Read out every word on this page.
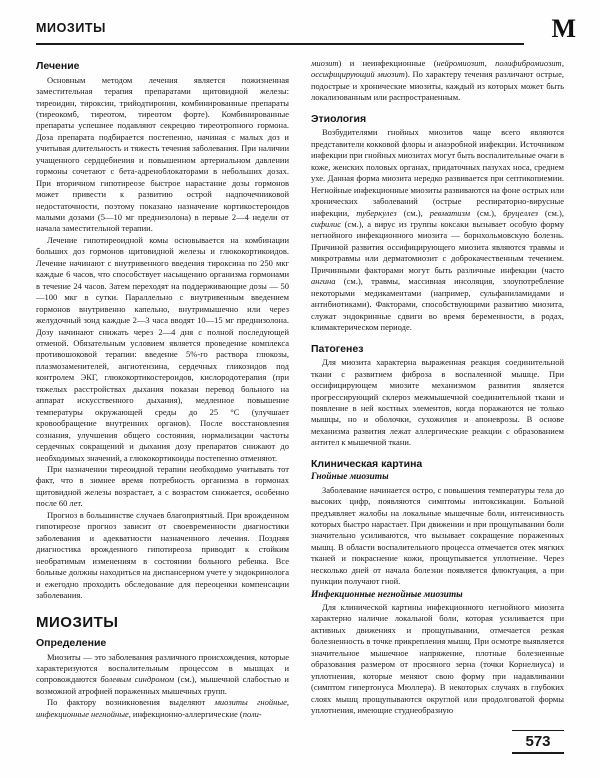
МИОЗИТЫ	М
Лечение

Основным методом лечения является пожизненная заместительная терапия препаратами щитовидной железы: тиреоидин, тироксин, трийодтиронин, комбинированные препараты (тиреокомб, тиреотом, тиреотом форте). Комбинированные препараты успешнее подавляют секрецию тиреотропного гормона. Доза препарата подбирается постепенно, начиная с малых доз и учитывая длительность и тяжесть течения заболевания. При наличии учащенного сердцебиения и повышенном артериальном давлении гормоны сочетают с бета-адреноблокаторами в небольших дозах. При вторичном гипотиреозе быстрое нарастание дозы гормонов может привести к развитию острой надпочечниковой недостаточности, поэтому показано назначение кортикостероидов малыми дозами (5—10 мг преднизолона) в первые 2—4 недели от начала заместительной терапии.

Лечение гипотиреоидной комы основывается на комбинации больших доз гормонов щитовидной железы и глюкокортикоидов. Лечение начинают с внутривенного введения тироксина по 250 мкг каждые 6 часов, что способствует насыщению организма гормонами в течение 24 часов. Затем переходят на поддерживающие дозы — 50—100 мкг в сутки. Параллельно с внутривенным введением гормонов внутривенно капельно, внутримышечно или через желудочный зонд каждые 2—3 часа вводят 10—15 мг преднизолона. Дозу начинают снижать через 2—4 дня с полной последующей отменой. Обязательным условием является проведение комплекса противошоковой терапии: введение 5%-го раствора глюкозы, плазмозаменителей, ангиотензина, сердечных гликозидов под контролем ЭКГ, глюкокортикостероидов, кислородотерапия (при тяжелых расстройствах дыхания показан перевод больного на аппарат искусственного дыхания), медленное повышение температуры окружающей среды до 25 °С (улучшает кровообращение внутренних органов). После восстановления сознания, улучшения общего состояния, нормализации частоты сердечных сокращений и дыхания дозу препаратов снижают до необходимых значений, а глюкокортикоиды постепенно отменяют.

При назначении тиреоидной терапии необходимо учитывать тот факт, что в зимнее время потребность организма в гормонах щитовидной железы возрастает, а с возрастом снижается, особенно после 60 лет.

Прогноз в большинстве случаев благоприятный. При врожденном гипотиреозе прогноз зависит от своевременности диагностики заболевания и адекватности назначенного лечения. Поздняя диагностика врожденного гипотиреоза приводит к стойким необратимым изменениям в состоянии больного ребенка. Все больные должны находиться на диспансерном учете у эндокринолога и ежегодно проходить обследование для переоценки компенсации заболевания.

МИОЗИТЫ
Определение

Миозиты — это заболевания различного происхождения, которые характеризуются воспалительным процессом в мышцах и сопровождаются болевым синдромом (см.), мышечной слабостью и возможной атрофией пораженных мышечных групп.

По фактору возникновения выделяют миозиты гнойные, инфекционные негнойные, инфекционно-аллергические (поли-

миозит) и неинфекционные (нейромиозит, полифибромиозит, оссифицирующий миозит). По характеру течения различают острые, подострые и хронические миозиты, каждый из которых может быть локализованным или распространенным.

Этиология

Возбудителями гнойных миозитов чаще всего являются представители кокковой флоры и анаэробной инфекции. Источником инфекции при гнойных миозитах могут быть воспалительные очаги в коже, женских половых органах, придаточных пазухах носа, среднем ухе. Данная форма миозита нередко развивается при септикопиемии. Негнойные инфекционные миозиты развиваются на фоне острых или хронических заболеваний (острые респираторно-вирусные инфекции, туберкулез (см.), ревматизм (см.), бруцеллез (см.), сифилис (см.), а вирус из группы коксаки вызывает особую форму негнойного инфекционного миозита — борнхольмовскую болезнь. Причиной развития оссифицирующего миозита являются травмы и микротравмы или дерматомиозит с доброкачественным течением. Причинными факторами могут быть различные инфекции (часто ангина (см.), травмы, массивная инсоляция, злоупотребление некоторыми медикаментами (например, сульфаниламидами и антибиотиками). Факторами, способствующими развитию миозита, служат эндокринные сдвиги во время беременности, в родах, климактерическом периоде.

Патогенез

Для миозита характерна выраженная реакция соединительной ткани с развитием фиброза в воспаленной мышце. При оссифицирующем миозите механизмом развития является прогрессирующий склероз межмышечной соединительной ткани и появление в ней костных элементов, когда поражаются не только мышцы, но и оболочки, сухожилия и апоневрозы. В основе механизма развития лежат аллергические реакции с образованием антител к мышечной ткани.

Клиническая картина
Гнойные миозиты

Заболевание начинается остро, с повышения температуры тела до высоких цифр, появляются симптомы интоксикации. Больной предъявляет жалобы на локальные мышечные боли, интенсивность которых быстро нарастает. При движении и при прощупывании боли значительно усиливаются, что вызывает сокращение пораженных мышц. В области воспалительного процесса отмечается отек мягких тканей и покраснение кожи, прощупывается уплотнение. Через несколько дней от начала болезни появляется флюктуация, а при пункции получают гной.

Инфекционные негнойные миозиты

Для клинической картины инфекционного негнойного миозита характерно наличие локальной боли, которая усиливается при активных движениях и прощупывании, отмечается резкая болезненность в точке прикрепления мышц. При осмотре выявляется значительное мышечное напряжение, плотные болезненные образования размером от просяного зерна (точки Корнелиуса) и уплотнения, которые меняют свою форму при надавливании (симптом гипертонуса Мюллера). В некоторых случаях в глубоких слоях мышц прощупываются округлой или продолговатой формы уплотнения, имеющие студнеобразную

573
